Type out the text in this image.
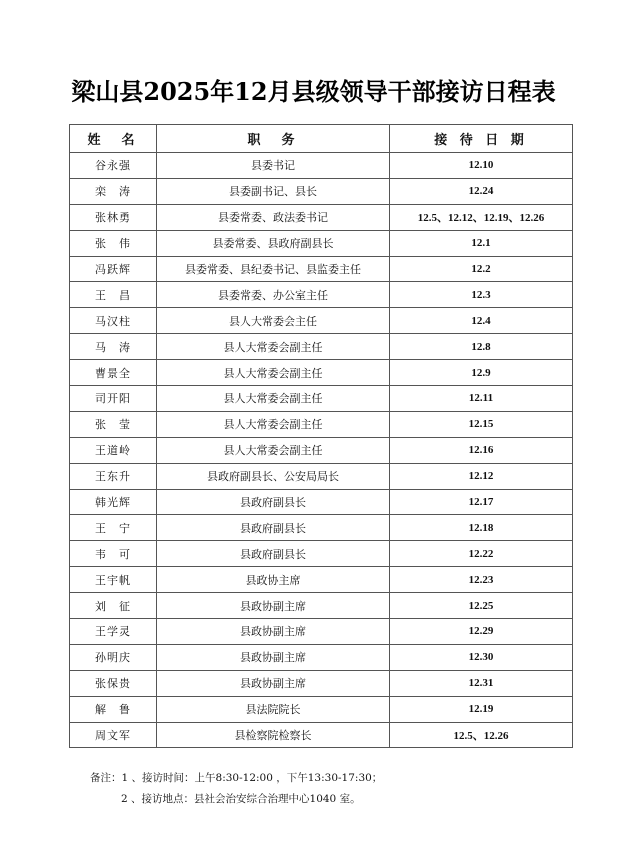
梁山县2025年12月县级领导干部接访日程表
姓　名	职　务	接 待 日 期
谷永强	县委书记	12.10
栾　涛	县委副书记、县长	12.24
张林勇	县委常委、政法委书记	12.5、12.12、12.19、12.26
张　伟	县委常委、县政府副县长	12.1
冯跃辉	县委常委、县纪委书记、县监委主任	12.2
王　昌	县委常委、办公室主任	12.3
马汉柱	县人大常委会主任	12.4
马　涛	县人大常委会副主任	12.8
曹景全	县人大常委会副主任	12.9
司开阳	县人大常委会副主任	12.11
张　莹	县人大常委会副主任	12.15
王道岭	县人大常委会副主任	12.16
王东升	县政府副县长、公安局局长	12.12
韩光辉	县政府副县长	12.17
王　宁	县政府副县长	12.18
韦　可	县政府副县长	12.22
王宇帆	县政协主席	12.23
刘　征	县政协副主席	12.25
王学灵	县政协副主席	12.29
孙明庆	县政协副主席	12.30
张保贵	县政协副主席	12.31
解　鲁	县法院院长	12.19
周文军	县检察院检察长	12.5、12.26
备注：1 、接访时间：上午8:30-12:00 ，下午13:30-17:30；
2 、接访地点：县社会治安综合治理中心1040 室。
